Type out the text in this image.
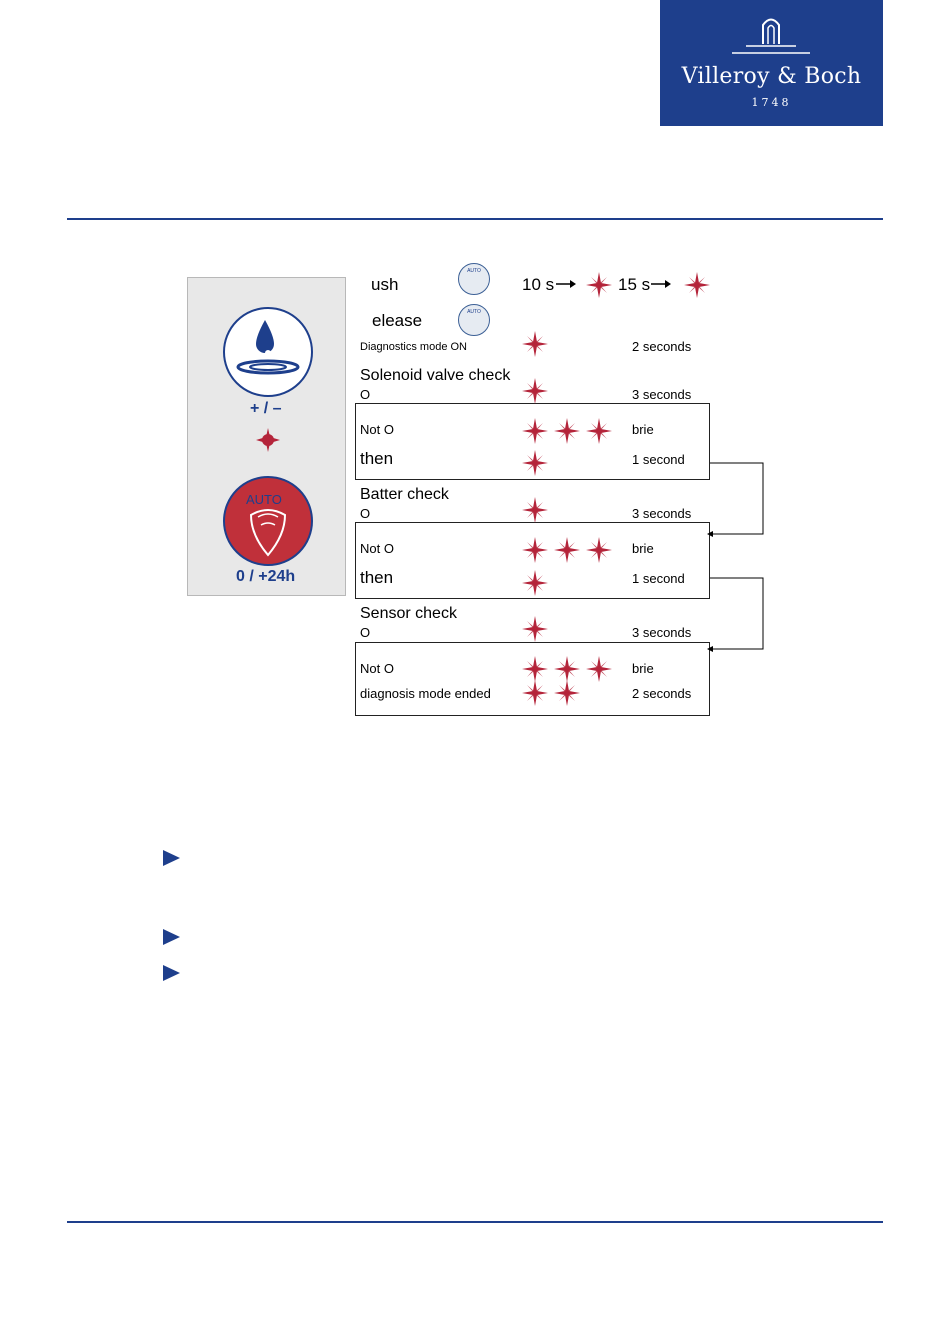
Villeroy & Boch
1748
+ / –
AUTO
0 / +24h
ush
AUTO
10 s	15 s
elease	AUTO
Diagnostics mode ON	2 seconds
Solenoid valve check
O	3 seconds
Not O	brie
then	1 second
Batter check
O	3 seconds
Not O	brie
then	1 second
Sensor check
O	3 seconds
Not O	brie
diagnosis mode ended	2 seconds
